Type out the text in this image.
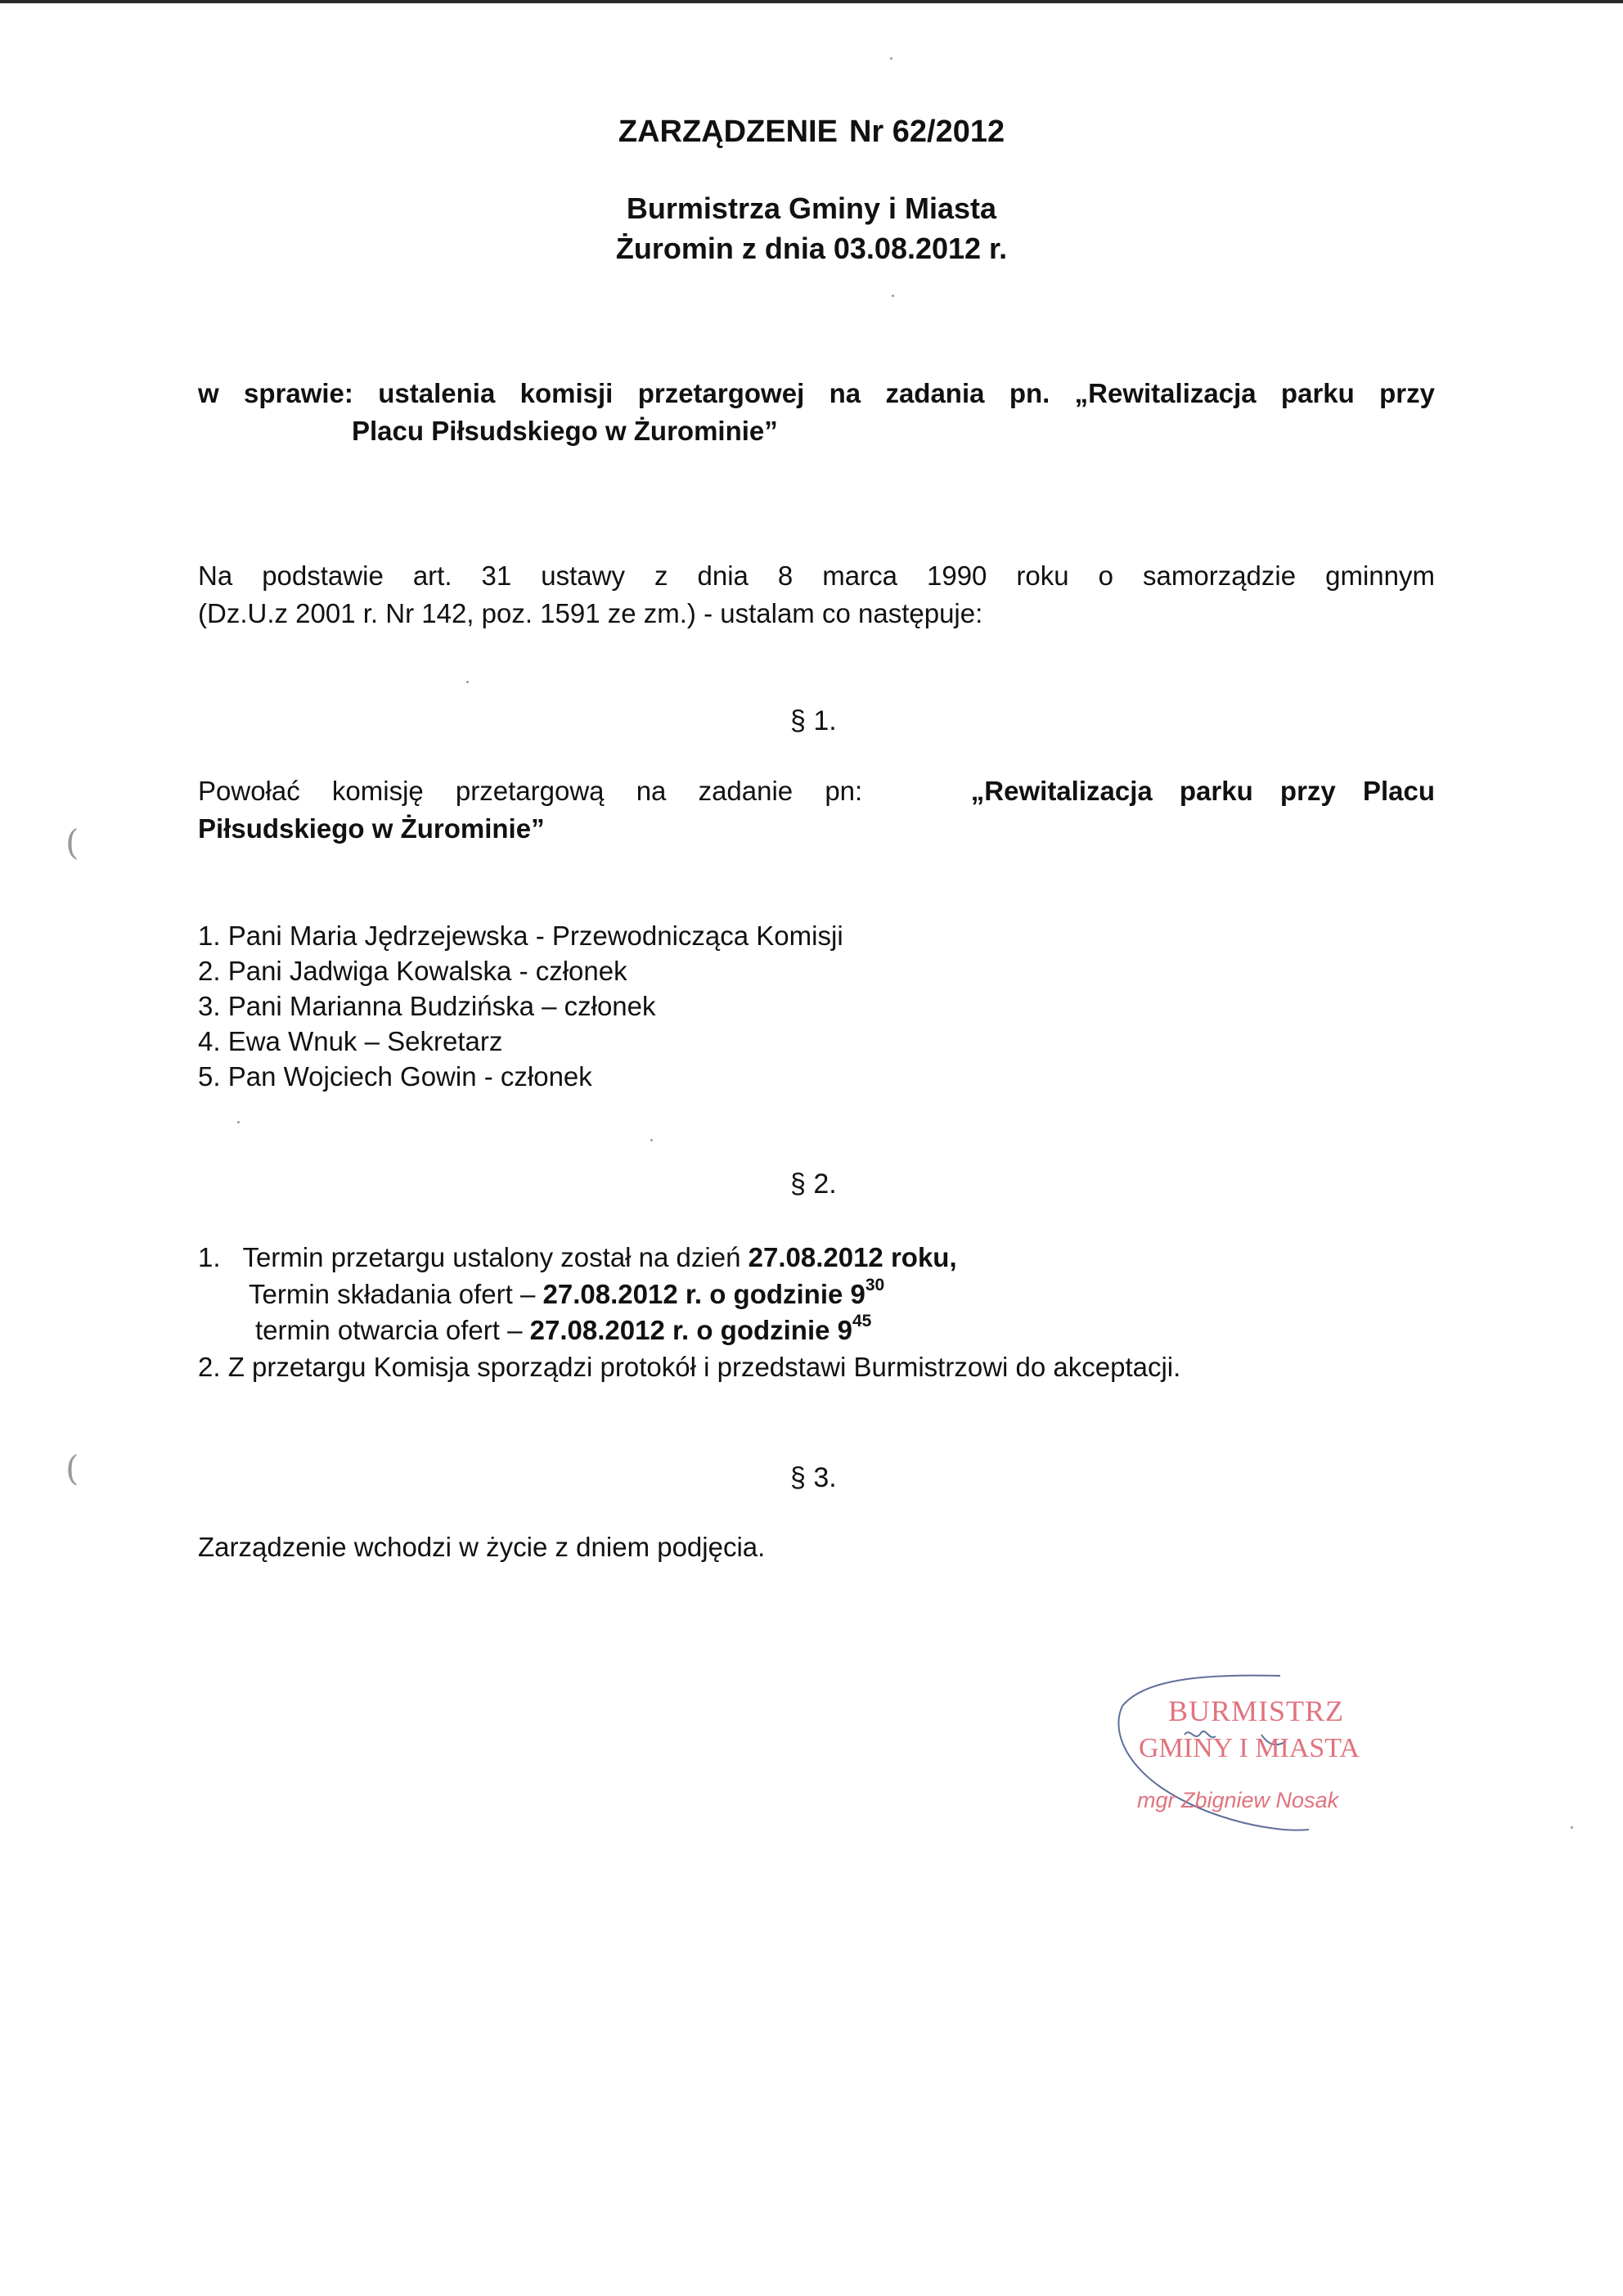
ZARZĄDZENIE Nr 62/2012

Burmistrza Gminy i Miasta

Żuromin z dnia 03.08.2012 r.

w sprawie: ustalenia komisji przetargowej na zadania pn. „Rewitalizacja parku przy

Placu Piłsudskiego w Żurominie”

Na podstawie art. 31 ustawy z dnia 8 marca 1990 roku o samorządzie gminnym

(Dz.U.z 2001 r. Nr 142, poz. 1591 ze zm.) - ustalam co następuje:

§ 1.

Powołać komisję przetargową na zadanie pn:	„Rewitalizacja parku przy Placu

Piłsudskiego w Żurominie”

1. Pani Maria Jędrzejewska - Przewodnicząca Komisji
2. Pani Jadwiga Kowalska - członek
3. Pani Marianna Budzińska – członek
4. Ewa Wnuk – Sekretarz
5. Pan Wojciech Gowin - członek

§ 2.

1. Termin przetargu ustalony został na dzień 27.08.2012 roku,

Termin składania ofert – 27.08.2012 r. o godzinie $9^{30}$

termin otwarcia ofert – 27.08.2012 r. o godzinie $9^{45}$

2. Z przetargu Komisja sporządzi protokół i przedstawi Burmistrzowi do akceptacji.

§ 3.

Zarządzenie wchodzi w życie z dniem podjęcia.

(
(
BURMISTRZ
GMINY I MIASTA
mgr Zbigniew Nosak
